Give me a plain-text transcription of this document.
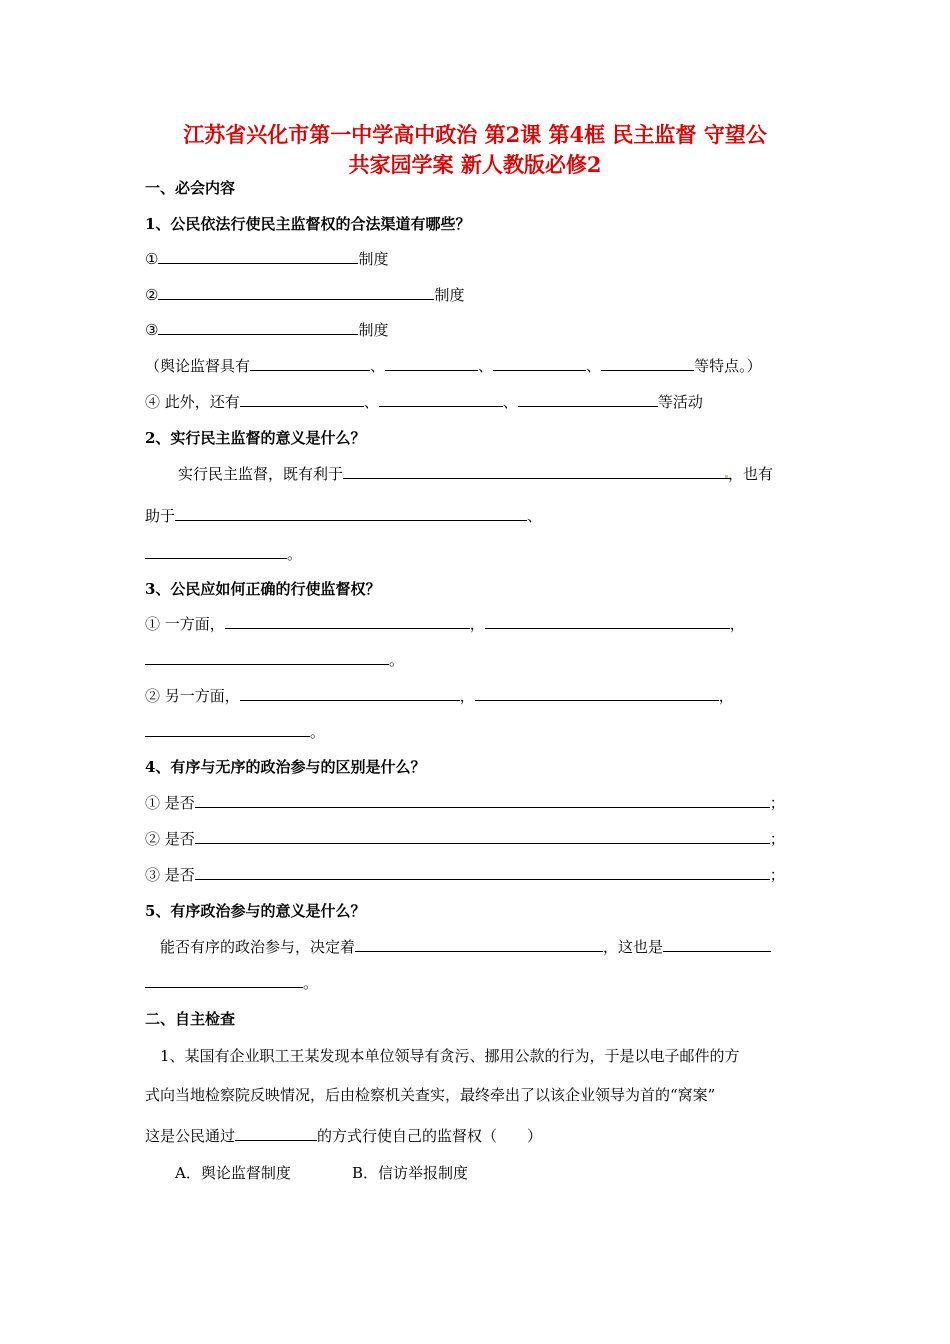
江苏省兴化市第一中学高中政治 第2课 第4框 民主监督 守望公
共家园学案 新人教版必修2
一、必会内容
1、公民依法行使民主监督权的合法渠道有哪些？
①	制度
②	制度
③	制度
（舆论监督具有	、	、	、	等特点。）
④ 此外，还有	、	、	等活动
2、实行民主监督的意义是什么？
实行民主监督，既有利于	，也有
助于	、
。
3、公民应如何正确的行使监督权？
① 一方面，	，	，
。
② 另一方面，	，	，
。
4、有序与无序的政治参与的区别是什么？
① 是否	；
② 是否	；
③ 是否	；
5、有序政治参与的意义是什么？
能否有序的政治参与，决定着	，这也是
。
二、自主检查
1、某国有企业职工王某发现本单位领导有贪污、挪用公款的行为，于是以电子邮件的方
式向当地检察院反映情况，后由检察机关查实，最终牵出了以该企业领导为首的“窝案”
这是公民通过	的方式行使自己的监督权（　　）
A．舆论监督制度	B．信访举报制度
